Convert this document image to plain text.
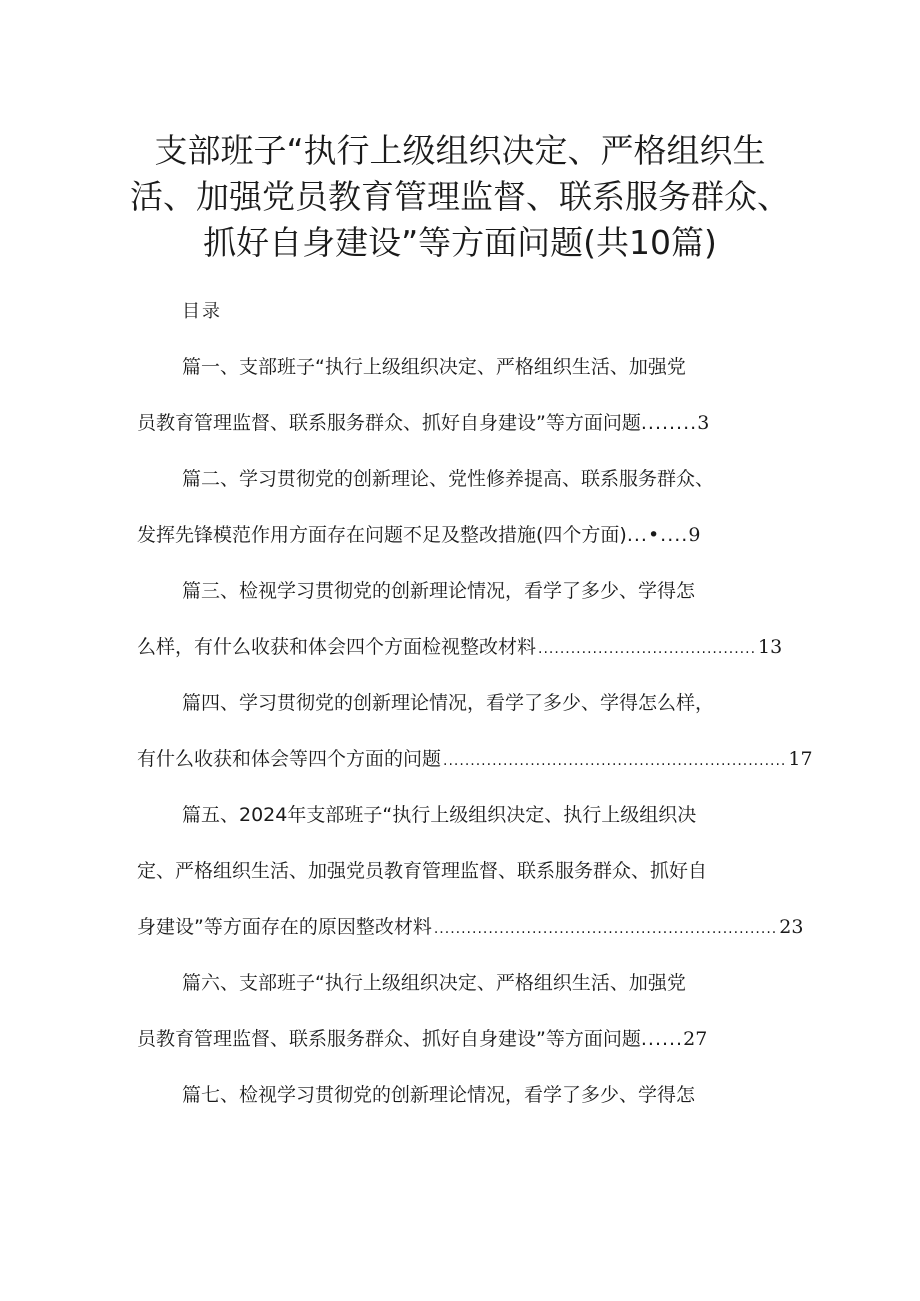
支部班子“执行上级组织决定、严格组织生
活、加强党员教育管理监督、联系服务群众、
抓好自身建设”等方面问题(共10篇)
目录
篇一、支部班子“执行上级组织决定、严格组织生活、加强党
员教育管理监督、联系服务群众、抓好自身建设”等方面问题........3
篇二、学习贯彻党的创新理论、党性修养提高、联系服务群众、
发挥先锋模范作用方面存在问题不足及整改措施(四个方面)...•....9
篇三、检视学习贯彻党的创新理论情况，看学了多少、学得怎
么样，有什么收获和体会四个方面检视整改材料 ........................................ 13
篇四、学习贯彻党的创新理论情况，看学了多少、学得怎么样，
有什么收获和体会等四个方面的问题 ............................................................... 17
篇五、2024年支部班子“执行上级组织决定、执行上级组织决
定、严格组织生活、加强党员教育管理监督、联系服务群众、抓好自
身建设”等方面存在的原因整改材料 ............................................................... 23
篇六、支部班子“执行上级组织决定、严格组织生活、加强党
员教育管理监督、联系服务群众、抓好自身建设”等方面问题......27
篇七、检视学习贯彻党的创新理论情况，看学了多少、学得怎
